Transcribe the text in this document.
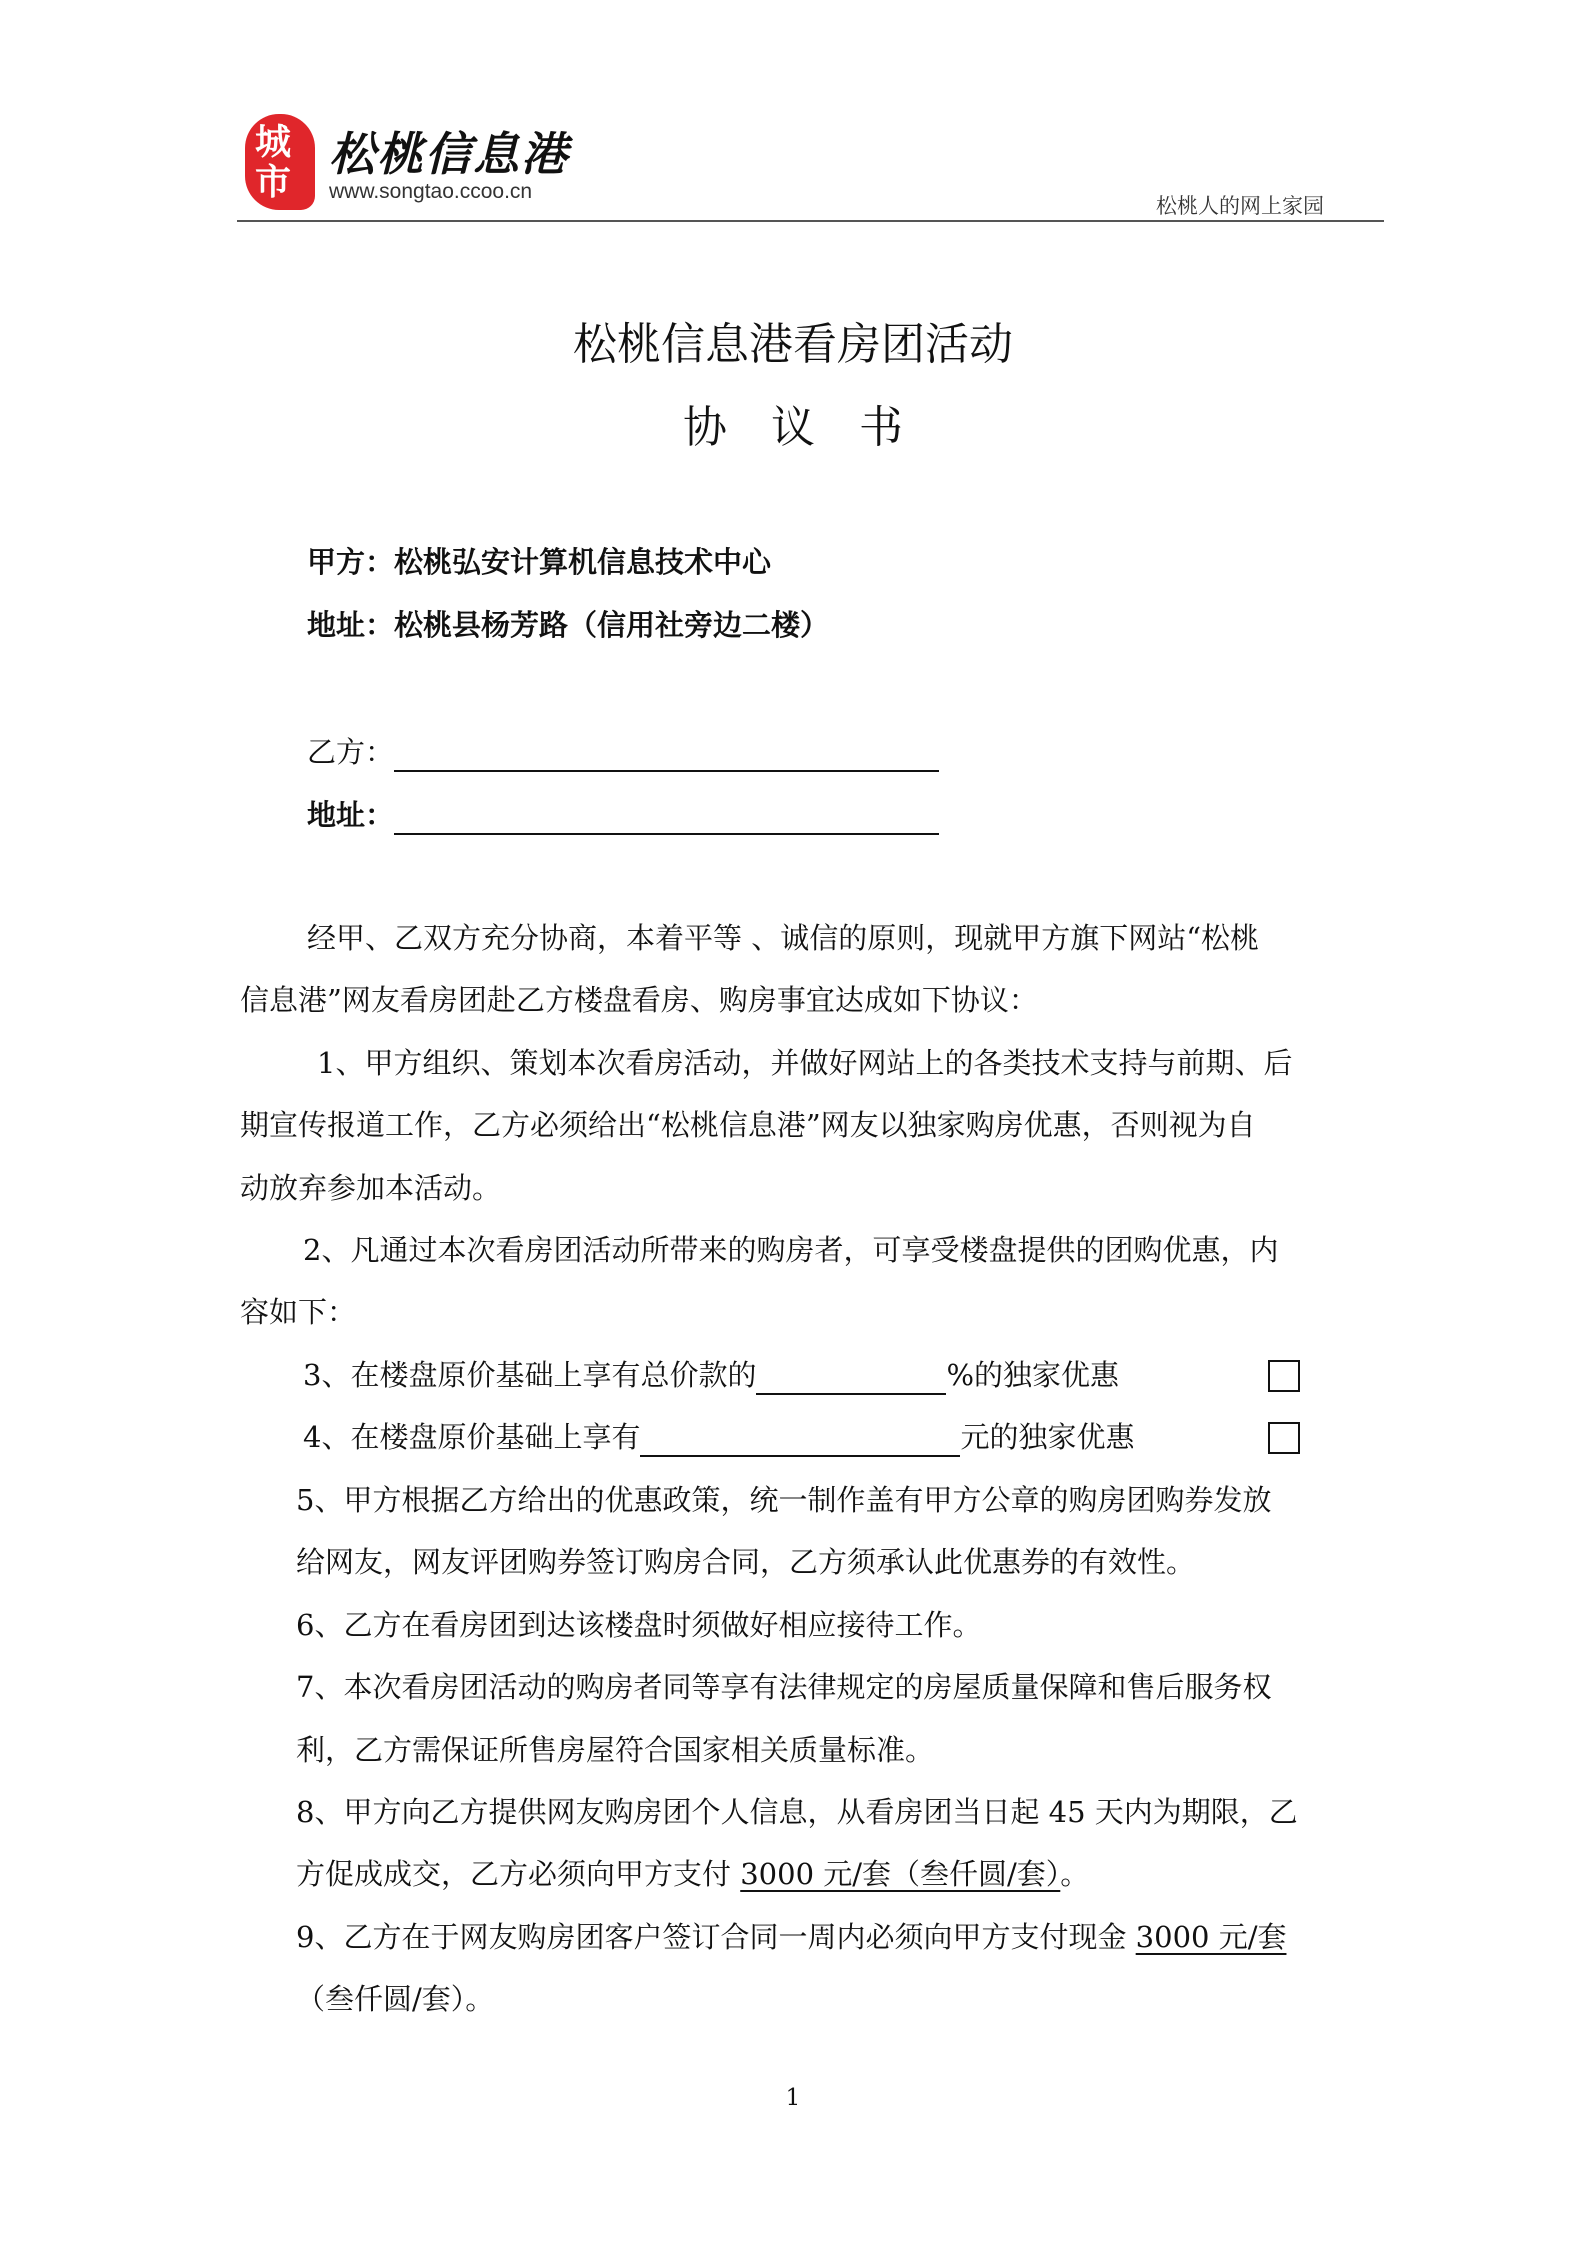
城
市
松桃信息港
www.songtao.ccoo.cn
松桃人的网上家园
松桃信息港看房团活动
协议书
甲方：松桃弘安计算机信息技术中心
地址：松桃县杨芳路（信用社旁边二楼）
乙方：
地址：
经甲、乙双方充分协商，本着平等 、诚信的原则，现就甲方旗下网站“松桃
信息港”网友看房团赴乙方楼盘看房、购房事宜达成如下协议：
1、甲方组织、策划本次看房活动，并做好网站上的各类技术支持与前期、后
期宣传报道工作，乙方必须给出“松桃信息港”网友以独家购房优惠，否则视为自
动放弃参加本活动。
2、凡通过本次看房团活动所带来的购房者，可享受楼盘提供的团购优惠，内
容如下：
3、在楼盘原价基础上享有总价款的	%的独家优惠
4、在楼盘原价基础上享有	元的独家优惠
5、甲方根据乙方给出的优惠政策，统一制作盖有甲方公章的购房团购券发放
给网友，网友评团购券签订购房合同，乙方须承认此优惠券的有效性。
6、乙方在看房团到达该楼盘时须做好相应接待工作。
7、本次看房团活动的购房者同等享有法律规定的房屋质量保障和售后服务权
利，乙方需保证所售房屋符合国家相关质量标准。
8、甲方向乙方提供网友购房团个人信息，从看房团当日起 45 天内为期限，乙
方促成成交，乙方必须向甲方支付 3000 元/套（叁仟圆/套）。
9、乙方在于网友购房团客户签订合同一周内必须向甲方支付现金 3000 元/套
（叁仟圆/套）。
1
